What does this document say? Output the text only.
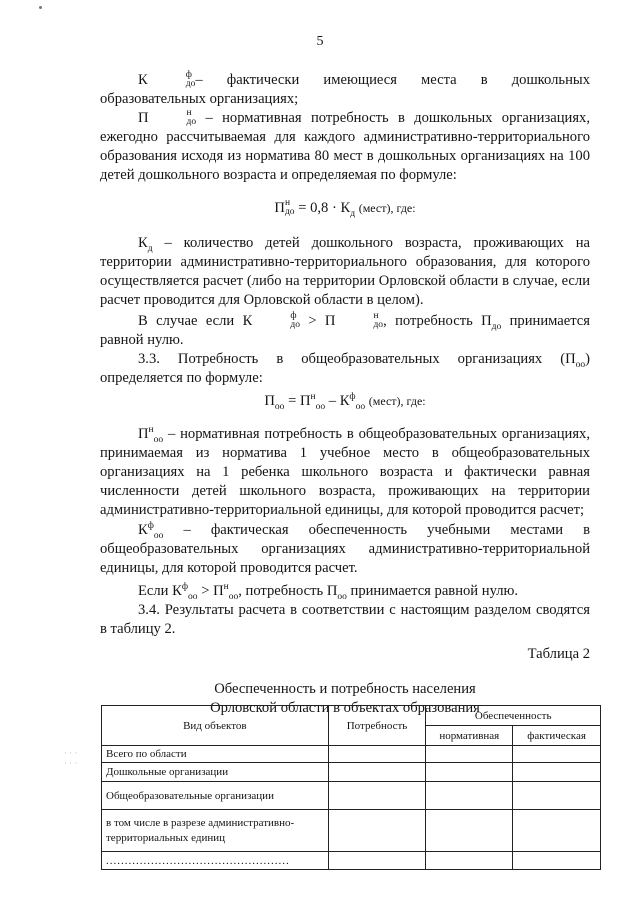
5

К	ф
до – фактически имеющиеся места в дошкольных образовательных организациях;

П	н
до – нормативная потребность в дошкольных организациях, ежегодно рассчитываемая для каждого административно-территориального образования исходя из норматива 80 мест в дошкольных организациях на 100 детей дошкольного возраста и определяемая по формуле:

П н
до = $0,8 \cdot К_д$ (мест), где:

$К_д$ – количество детей дошкольного возраста, проживающих на территории административно-территориального образования, для которого осуществляется расчет (либо на территории Орловской области в случае, если расчет проводится для Орловской области в целом).

В случае если К	ф
до > П	н
до , потребность $П_{до}$ принимается равной нулю.

3.3. Потребность в общеобразовательных организациях $(П_{оо})$ определяется по формуле:

$П_{оо} = П^н_{оо} - К^ф_{оо}$ (мест), где:

$П^н_{оо}$ – нормативная потребность в общеобразовательных организациях, принимаемая из норматива 1 учебное место в общеобразовательных организациях на 1 ребенка школьного возраста и фактически равная численности детей школьного возраста, проживающих на территории административно-территориальной единицы, для которой проводится расчет;

$К^ф_{оо}$ – фактическая обеспеченность учебными местами в общеобразовательных организациях административно-территориальной единицы, для которой проводится расчет.

Если $К^ф_{оо} > П^н_{оо}$, потребность $П_{оо}$ принимается равной нулю.

3.4. Результаты расчета в соответствии с настоящим разделом сводятся в таблицу 2.

Таблица 2

Обеспеченность и потребность населения

Орловской области в объектах образования

· · ·
· · ·
Вид объектов	Потребность	Обеспеченность	
		нормативная	фактическая
Всего по области			
Дошкольные организации			
Общеобразовательные организации			
в том числе в разрезе административно-территориальных единиц			
.................................................			
